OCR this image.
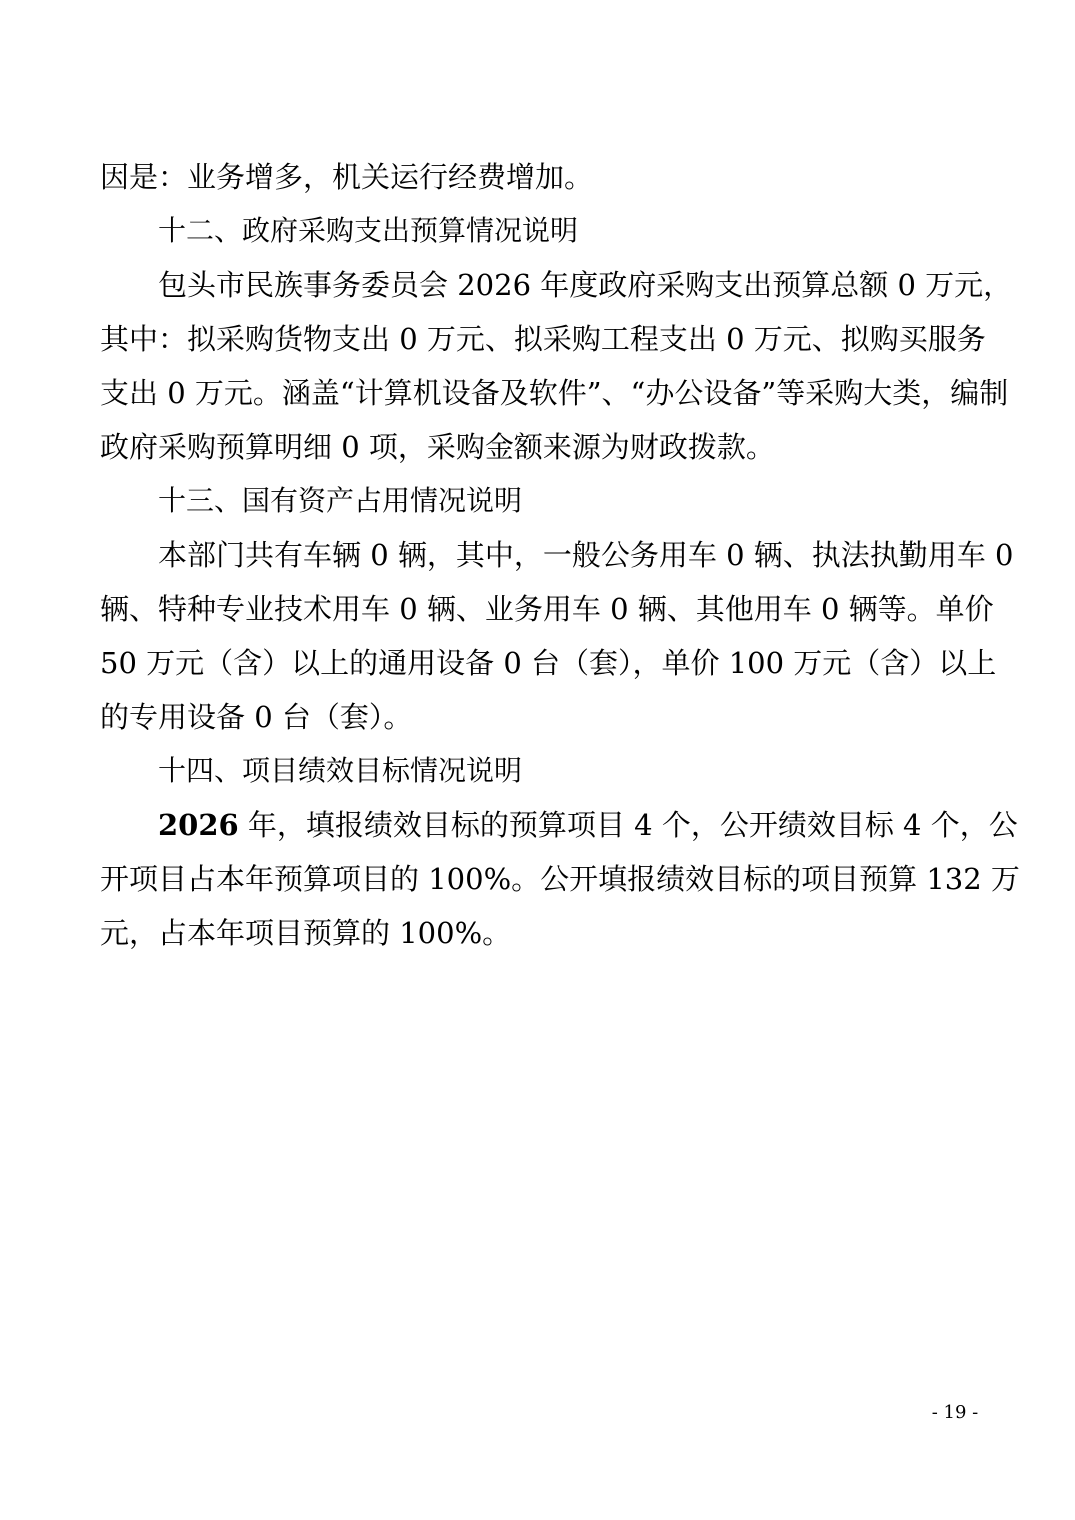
因是：业务增多，机关运行经费增加。
十二、政府采购支出预算情况说明
包头市民族事务委员会 2026 年度政府采购支出预算总额 0 万元，
其中：拟采购货物支出 0 万元、拟采购工程支出 0 万元、拟购买服务
支出 0 万元。涵盖“计算机设备及软件”、“办公设备”等采购大类，编制
政府采购预算明细 0 项，采购金额来源为财政拨款。
十三、国有资产占用情况说明
本部门共有车辆 0 辆，其中，一般公务用车 0 辆、执法执勤用车 0
辆、特种专业技术用车 0 辆、业务用车 0 辆、其他用车 0 辆等。单价
50 万元（含）以上的通用设备 0 台（套），单价 100 万元（含）以上
的专用设备 0 台（套）。
十四、项目绩效目标情况说明
2026 年，填报绩效目标的预算项目 4 个，公开绩效目标 4 个，公
开项目占本年预算项目的 100%。公开填报绩效目标的项目预算 132 万
元，占本年项目预算的 100%。
- 19 -
